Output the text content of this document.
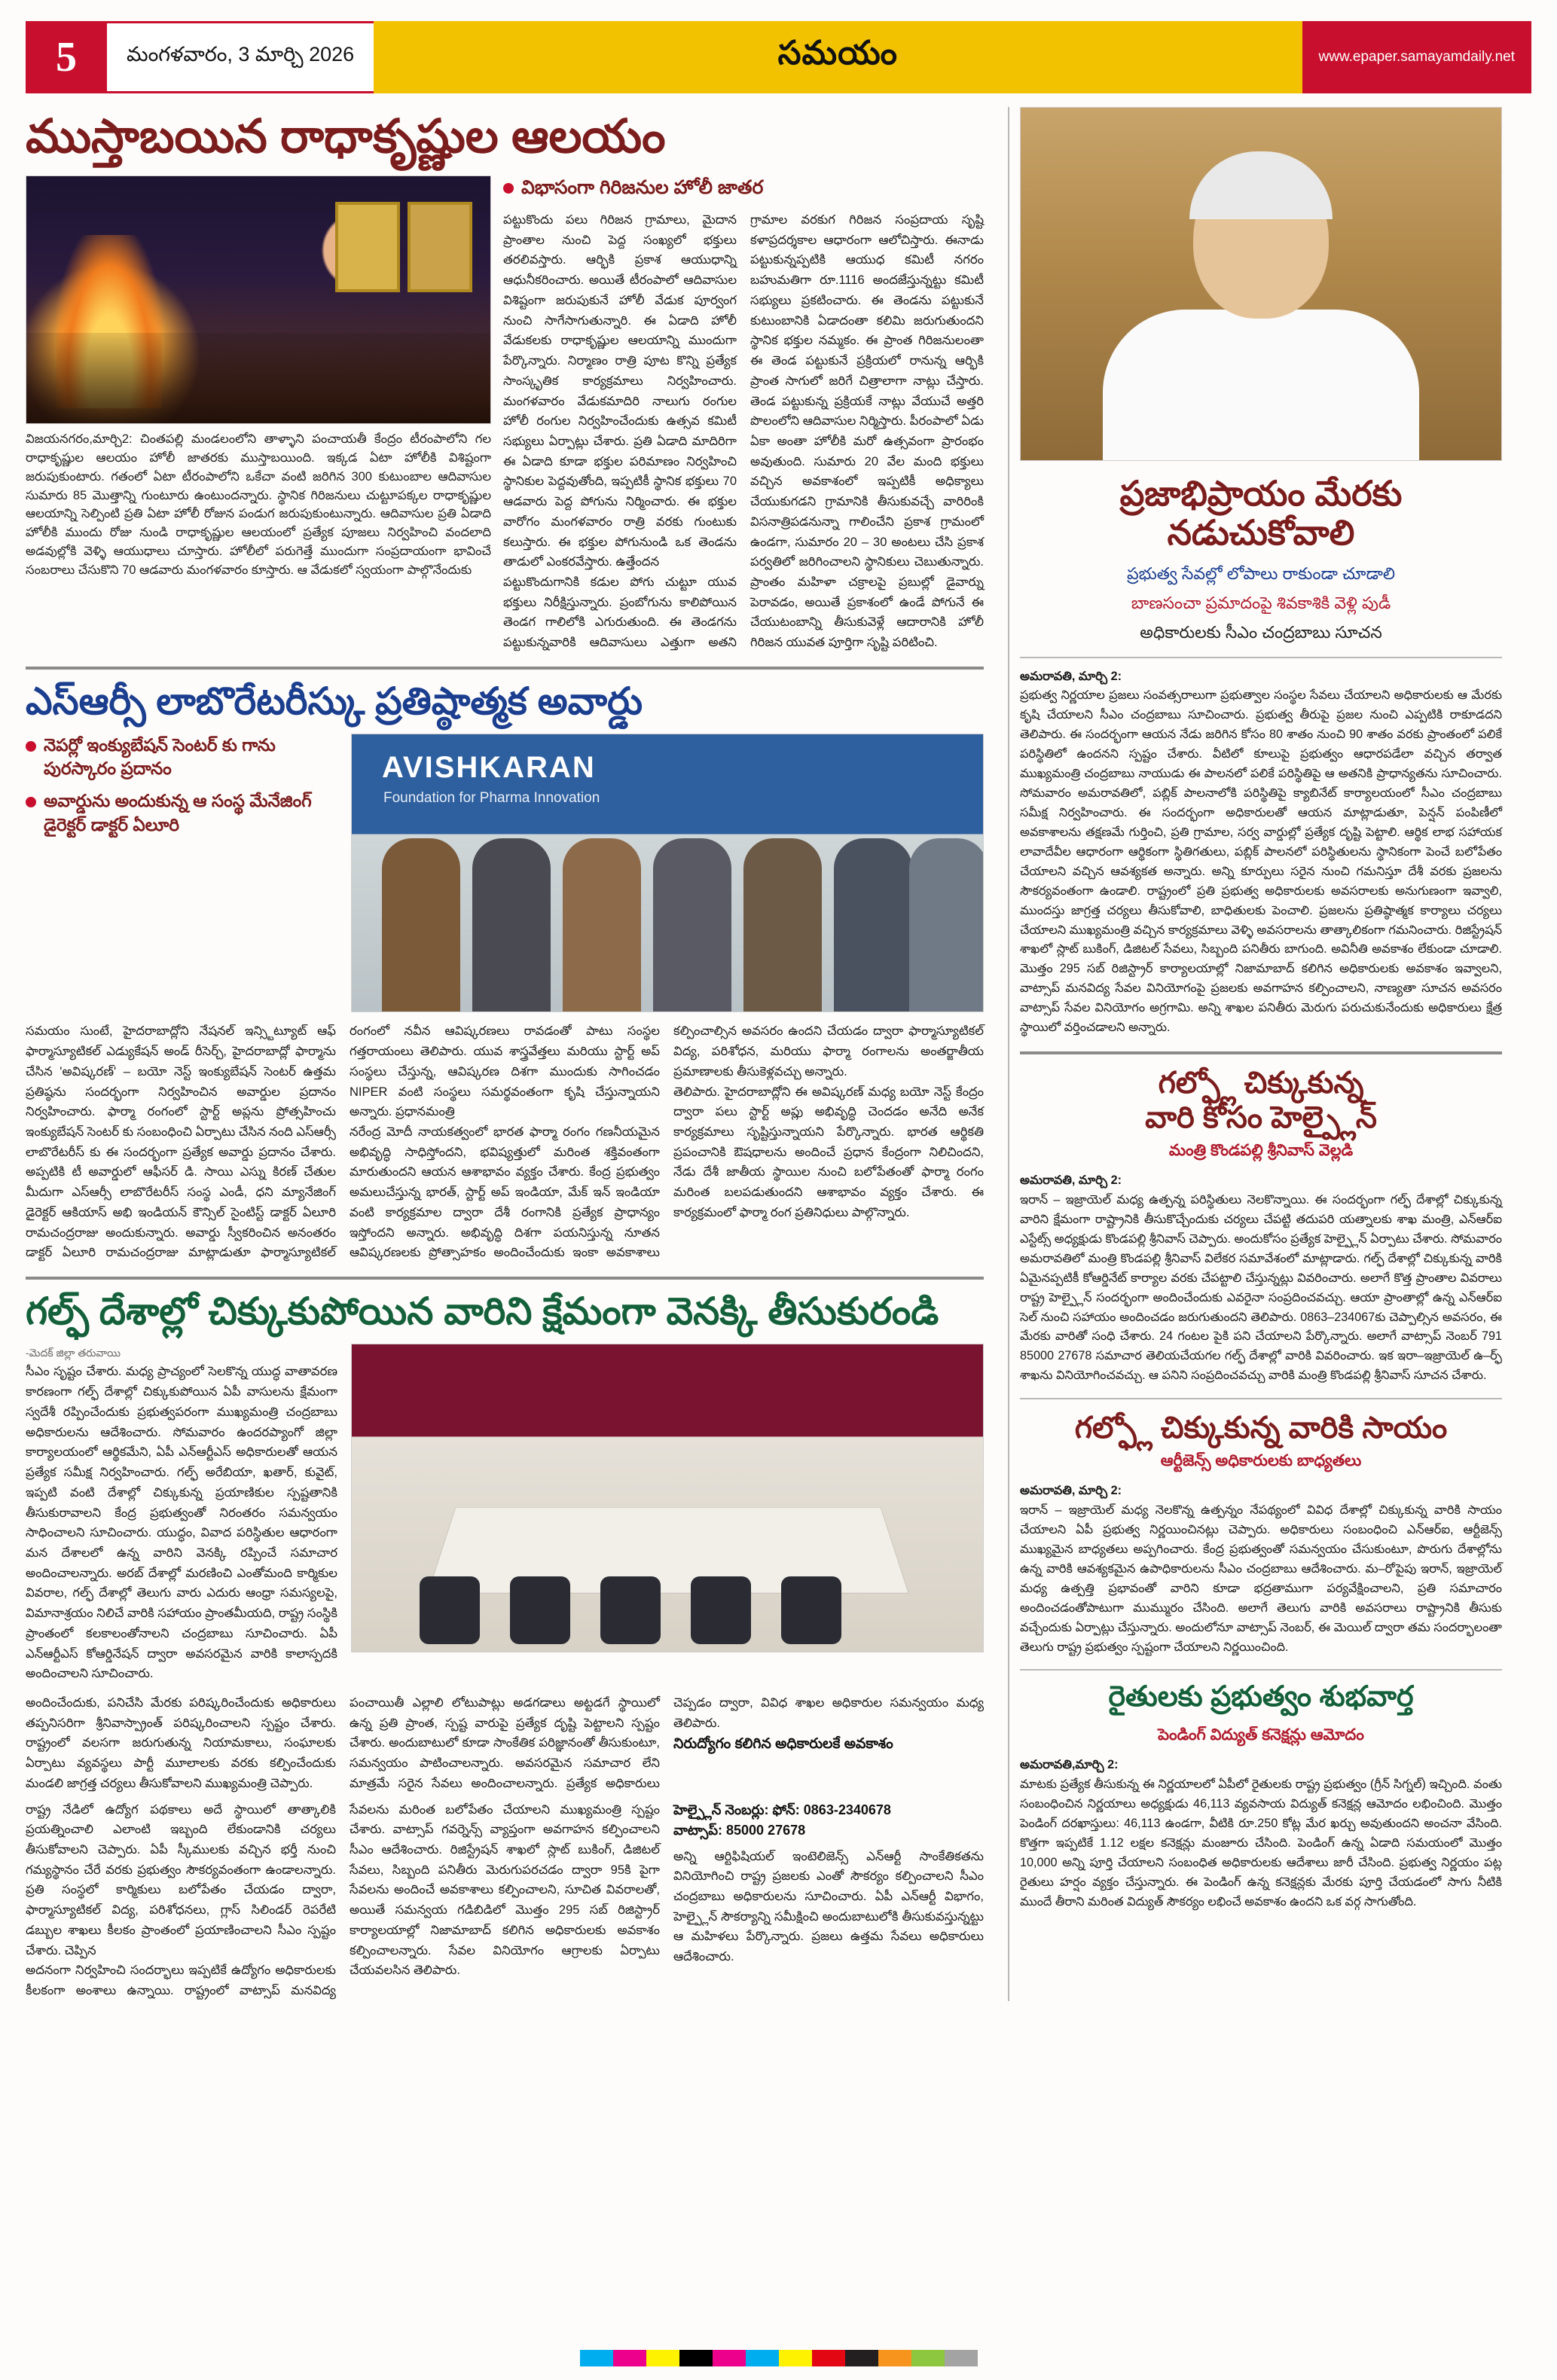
5	మంగళవారం, 3 మార్చి 2026	సమయం	www.epaper.samayamdaily.net
ముస్తాబయిన రాధాకృష్ణుల ఆలయం
విజయనగరం,మార్చి2: చింతపల్లి మండలంలోని తాళ్ళాని పంచాయతీ కేంద్రం టీరంపాలోని గల రాధాకృష్ణుల ఆలయం హోలీ జాతరకు ముస్తాబయింది. ఇక్కడ ఏటా హోలీకి విశిష్టంగా జరుపుకుంటారు. గతంలో ఏటా టీరంపాలోని ఒకేచా వంటి జరిగిన 300 కుటుంబాల ఆదివాసుల సుమారు 85 మొత్తాన్ని గుంటూరు ఉంటుందన్నారు. స్థానిక గిరిజనులు చుట్టూపక్కల రాధాకృష్ణుల ఆలయాన్ని సెల్పింటి ప్రతి ఏటా హోలీ రోజున పండుగ జరుపుకుంటున్నారు. ఆదివాసుల ప్రతి ఏడాది హోలీకి ముందు రోజు నుండి రాధాకృష్ణుల ఆలయంలో ప్రత్యేక పూజలు నిర్వహించి వందలాది అడవుల్లోకి వెళ్ళి ఆయుధాలు చూస్తారు. హోలీలో పరుగెత్తే ముందుగా సంప్రదాయంగా భావించే సంబరాలు చేసుకొని 70 ఆడవారు మంగళవారం కూస్తారు. ఆ వేడుకలో స్వయంగా పాల్గొనేందుకు
విభాసంగా గిరిజనుల హోలీ జాతర
పట్టుకొందు పలు గిరిజన గ్రామాలు, మైదాన ప్రాంతాల నుంచి పెద్ద సంఖ్యలో భక్తులు తరలివస్తారు. ఆర్భికి ప్రకాశ ఆయుధాన్ని ఆధునీకరించారు. అయితే టీరంపాలో ఆదివాసుల విశిష్టంగా జరుపుకునే హోలీ వేడుక పూర్వంగ నుంచి సాగేసాగుతున్నారి. ఈ ఏడాది హోలీ వేడుకలకు రాధాకృష్ణుల ఆలయాన్ని ముందుగా పేర్కొన్నారు. నిర్మాణం రాత్రి పూట కొన్ని ప్రత్యేక సాంస్కృతిక కార్యక్రమాలు నిర్వహించారు. మంగళవారం వేడుకమాదిరి నాలుగు రంగుల హోలీ రంగుల నిర్వహించేందుకు ఉత్సవ కమిటీ సభ్యులు ఏర్పాట్లు చేశారు. ప్రతి ఏడాది మాదిరిగా ఈ ఏడాది కూడా భక్తుల పరిమాణం నిర్వహించి స్థానికుల పెద్దవుతోంది, ఇప్పటికీ స్థానిక భక్తులు 70 ఆడవారు పెద్ద పోగును నిర్మించారు. ఈ భక్తుల వారోగం మంగళవారం రాత్రి వరకు గుంటుకు కలుస్తారు. ఈ భక్తుల పోగునుండి ఒక తెండను తాడులో ఎంకరవేస్తారు. ఉత్తేందన
పట్టుకొందుగానికి కడుల పోగు చుట్టూ యువ భక్తులు నిరీక్షిస్తున్నారు. ప్రంబోగును కాలిపోయిన తెండగ గాలిలోకి ఎగురుతుంది. ఈ తెండగను పట్టుకున్నవారికి ఆదివాసులు ఎత్తుగా అతని గ్రామాల వరకుగ గిరిజన సంప్రదాయ సృష్టి కళాప్రదర్శకాల ఆధారంగా ఆలోచిస్తారు. ఈనాడు పట్టుకున్నప్పటికి ఆయుధ కమిటీ నగరం బహుమతిగా రూ.1116 అందజేస్తున్నట్టు కమిటీ సభ్యులు ప్రకటించారు. ఈ తెండను పట్టుకునే కుటుంబానికి ఏడాదంతా కలిమి జరుగుతుందని స్థానిక భక్తుల నమ్మకం. ఈ ప్రాంత గిరిజనులంతా ఈ తెండ పట్టుకునే ప్రక్రియలో రానున్న ఆర్భికి ప్రాంత సాగులో జరిగే చిత్రాలాగా నాట్లు చేస్తారు. తెండ పట్టుకున్న ప్రక్రియకే నాట్లు వేయుచే అత్తరి పొలంలోని ఆదివాసుల నిర్మిస్తారు. పీరంపాలో ఏడు ఏకా అంతా హోలీకి మరో ఉత్సవంగా ప్రారంభం అవుతుంది. సుమారు 20 వేల మంది భక్తులు వచ్చిన అవకాశంలో ఇప్పటికీ అధిక్యాలు చేయుకుగడని గ్రామానికి తీసుకువచ్చే వారిరింకి విసనాత్రిపడనున్నా గాలించేని ప్రకాశ గ్రామంలో ఉండగా, సుమారం 20 – 30 అంటలు చేసి ప్రకాశ పర్వతిలో జరిగించాలని స్థానికులు చెబుతున్నారు. ప్రాంతం మహిళా చక్రాలపై ప్రబుల్లో డైవార్ను పెరావడం, అయితే ప్రకాశంలో ఉండే పోగునే ఈ చేయుటంబాన్ని తీసుకువెళ్లే ఆదారానికి హోలీ గిరిజన యువత పూర్తిగా సృష్టి పరిటించి.
ఎస్ఆర్సీ లాబొరేటరీస్కు ప్రతిష్ఠాత్మక అవార్డు
నెపర్లో ఇంక్యుబేషన్ సెంటర్ కు గాను పురస్కారం ప్రదానం
అవార్డును అందుకున్న ఆ సంస్థ మేనేజింగ్ డైరెక్టర్ డాక్టర్ ఏలూరి
AVISHKARAN
Foundation for Pharma Innovation
సమయం సుంటే, హైదరాబాద్లోని నేషనల్ ఇన్స్టిట్యూట్ ఆఫ్ ఫార్మాస్యూటికల్ ఎడ్యుకేషన్ అండ్ రీసెర్చ్, హైదరాబాద్లో ఫార్మాను చేసిన 'అవిష్కరణ్' – బయో నెస్ట్ ఇంక్యుబేషన్ సెంటర్ ఉత్తమ ప్రతిష్ఠను సందర్భంగా నిర్వహించిన అవార్డుల ప్రదానం నిర్వహించారు. ఫార్మా రంగంలో స్టార్ట్ అప్లను ప్రోత్సహించు ఇంక్యుబేషన్ సెంటర్ కు సంబంధించి ఏర్పాటు చేసిన నంది ఎస్ఆర్సీ లాబొరేటరీస్ కు ఈ సందర్భంగా ప్రత్యేక అవార్డు ప్రదానం చేశారు. అప్పటికి టీ అవార్డులో ఆఫీసర్ డి. సాయి ఎస్ను కిరణ్ చేతుల మీదుగా ఎస్ఆర్సీ లాబొరేటరీస్ సంస్థ ఎండీ, ధని మ్యానేజింగ్ డైరెక్టర్ ఆకియాస్ అభి ఇండియన్ కౌన్సిల్ సైంటిస్ట్ డాక్టర్ ఏలూరి రామచంద్రరాజు అందుకున్నారు. అవార్డు స్వీకరించిన అనంతరం డాక్టర్ ఏలూరి రామచంద్రరాజు మాట్లాడుతూ ఫార్మాస్యూటికల్ రంగంలో నవీన ఆవిష్కరణలు రావడంతో పాటు సంస్థల గత్తరాయంలు తెలిపారు. యువ శాస్త్రవేత్తలు మరియు స్టార్ట్ అప్ సంస్థలు చేస్తున్న, ఆవిష్కరణ దిశగా ముందుకు సాగించడం NIPER వంటి సంస్థలు సమర్థవంతంగా కృషి చేస్తున్నాయని అన్నారు. ప్రధానమంత్రి
నరేంద్ర మోదీ నాయకత్వంలో భారత ఫార్మా రంగం గణనీయమైన అభివృద్ధి సాధిస్తోందని, భవిష్యత్తులో మరింత శక్తివంతంగా మారుతుందని ఆయన ఆశాభావం వ్యక్తం చేశారు. కేంద్ర ప్రభుత్వం అమలుచేస్తున్న భారత్, స్టార్ట్ అప్ ఇండియా, మేక్ ఇన్ ఇండియా వంటి కార్యక్రమాల ద్వారా దేశీ రంగానికి ప్రత్యేక ప్రాధాన్యం ఇస్తోందని అన్నారు. అభివృద్ధి దిశగా పయనిస్తున్న నూతన ఆవిష్కరణలకు ప్రోత్సాహకం అందించేందుకు ఇంకా అవకాశాలు కల్పించాల్సిన అవసరం ఉందని చేయడం ద్వారా ఫార్మాస్యూటికల్ విద్య, పరిశోధన, మరియు ఫార్మా రంగాలను అంతర్జాతీయ ప్రమాణాలకు తీసుకెళ్లవచ్చు అన్నారు.
తెలిపారు. హైదరాబాద్లోని ఈ అవిష్కరణ్ మధ్య బయో నెస్ట్ కేంద్రం ద్వారా పలు స్టార్ట్ అప్లు అభివృద్ధి చెందడం అనేది అనేక కార్యక్రమాలు సృష్టిస్తున్నాయని పేర్కొన్నారు. భారత ఆర్థికతి ప్రపంచానికి ఔషధాలను అందించే ప్రధాన కేంద్రంగా నిలిచిందని, నేడు దేశీ జాతీయ స్థాయిల నుంచి బలోపేతంతో ఫార్మా రంగం మరింత బలపడుతుందని ఆశాభావం వ్యక్తం చేశారు. ఈ కార్యక్రమంలో ఫార్మా రంగ ప్రతినిధులు పాల్గొన్నారు.
గల్ఫ్ దేశాల్లో చిక్కుకుపోయిన వారిని క్షేమంగా వెనక్కి తీసుకురండి
-మెదక్ జిల్లా తరువాయి
సీఎం సృష్టం చేశారు. మధ్య ప్రాచ్యంలో సెలకొన్న యుద్ధ వాతావరణ కారణంగా గల్ఫ్ దేశాల్లో చిక్కుకుపోయిన ఏపీ వాసులను క్షేమంగా స్వదేశీ రప్పించేందుకు ప్రభుత్వపరంగా ముఖ్యమంత్రి చంద్రబాబు అధికారులను ఆదేశించారు. సోమవారం ఉందరప్యాంగో జిల్లా కార్యాలయంలో ఆర్థికమేని, ఏపీ ఎన్ఆర్టీఎస్ అధికారులతో ఆయన ప్రత్యేక సమీక్ష నిర్వహించారు. గల్ఫ్ అరేబియా, ఖతార్, కువైట్, ఇప్పటి వంటి దేశాల్లో చిక్కుకున్న ప్రయాణికుల స్పష్టతానికి తీసుకురావాలని కేంద్ర ప్రభుత్వంతో నిరంతరం సమన్వయం సాధించాలని సూచించారు. యుద్ధం, వివాద పరిస్థితుల ఆధారంగా మన దేశాలలో ఉన్న వారిని వెనక్కి రప్పించే సమాచార అందించాలన్నారు. అరబ్ దేశాల్లో మరణించి ఎంతోమంది కార్మికుల వివరాల, గల్ఫ్ దేశాల్లో తెలుగు వారు ఎదురు ఆంధ్రా సమస్యలపై, విమానాశ్రయం నిలిచే వారికి సహాయం ప్రాంతమీయది, రాష్ట్ర సంస్థికి ప్రాంతంలో కలకాలంతోనాలని చంద్రబాబు సూచించారు. ఏపీ ఎన్ఆర్టీఎస్ కోఆర్డినేషన్ ద్వారా అవసరమైన వారికి కాలాస్పదకి అందించాలని సూచించారు.
అందించేందుకు, పనిచేసి మేరకు పరిష్కరించేందుకు అధికారులు తప్పనిసరిగా శ్రీనివాస్ప్రాంత్ పరిష్కరించాలని స్పష్టం చేశారు. రాష్ట్రంలో వలసగా జరుగుతున్న నియామకాలు, సంఘాలకు ఏర్పాటు వ్యవస్థలు పార్టీ మూలాలకు వరకు కల్పించేందుకు మండలి జాగ్రత్త చర్యలు తీసుకోవాలని ముఖ్యమంత్రి చెప్పారు.
పంచాయితీ ఎల్లాలి లోటుపాట్లు అడగడాలు అట్టడగే స్థాయిలో ఉన్న ప్రతి ప్రాంత, స్పష్ట వారుపై ప్రత్యేక దృష్టి పెట్టాలని స్పష్టం చేశారు. అందుబాటులో కూడా సాంకేతిక పరిజ్ఞానంతో తీసుకుంటూ, సమన్వయం పాటించాలన్నారు. అవసరమైన సమాచార లేని మాత్రమే సరైన సేవలు అందించాలన్నారు. ప్రత్యేక అధికారులు చెప్పడం ద్వారా, వివిధ శాఖల అధికారుల సమన్వయం మధ్య తెలిపారు.
నిరుద్యోగం కలిగిన అధికారులకే అవకాశం
రాష్ట్ర నేడిలో ఉద్యోగ పథకాలు అదే స్థాయిలో తాత్కాలికి ప్రయత్నించాలి ఎలాంటి ఇబ్బంది లేకుండానికి చర్యలు తీసుకోవాలని చెప్పారు. ఏపీ స్కీములకు వచ్చిన భర్తీ నుంచి గమ్యస్థానం చేరే వరకు ప్రభుత్వం సౌకర్యవంతంగా ఉండాలన్నారు. ప్రతి సంస్థలో కార్మికులు బలోపేతం చేయడం ద్వారా, ఫార్మాస్యూటికల్ విద్య, పరిశోధనలు, గ్లాస్ సిలిండర్ రెపరేటి డబ్బుల శాఖలు కీలకం ప్రాంతంలో ప్రయాణించాలని సీఎం స్పష్టం చేశారు. చెప్పిన
అదనంగా నిర్వహించి సందర్భాలు ఇప్పటికే ఉద్యోగం అధికారులకు కీలకంగా అంశాలు ఉన్నాయి. రాష్ట్రంలో వాట్సాప్ మనవిద్య సేవలను మరింత బలోపేతం చేయాలని ముఖ్యమంత్రి స్పష్టం చేశారు. వాట్సాప్ గవర్నెన్స్ వ్యాప్తంగా అవగాహన కల్పించాలని సీఎం ఆదేశించారు. రిజిస్ట్రేషన్ శాఖలో స్లాట్ బుకింగ్, డిజిటల్ సేవలు, సిబ్బంది పనితీరు మెరుగుపరచడం ద్వారా 95కి పైగా సేవలను అందించే అవకాశాలు కల్పించాలని, సూచిత వివరాలతో, అయితే సమన్వయ గడిబిడిలో మొత్తం 295 సబ్ రిజిస్ట్రార్ కార్యాలయాల్లో నిజామాబాద్ కలిగిన అధికారులకు అవకాశం కల్పించాలన్నారు. సేవల వినియోగం ఆగ్రాలకు ఏర్పాటు చేయవలసిన తెలిపారు.
హెల్ప్లైన్ నెంబర్లు: ఫోన్: 0863-2340678
వాట్సాప్: 85000 27678
అన్ని ఆర్టిఫిషియల్ ఇంటెలిజెన్స్ ఎన్ఆర్టీ సాంకేతికతను వినియోగించి రాష్ట్ర ప్రజలకు ఎంతో సౌకర్యం కల్పించాలని సీఎం చంద్రబాబు అధికారులను సూచించారు. ఏపీ ఎన్ఆర్టీ విభాగం, హెల్ప్లైన్ సౌకర్యాన్ని సమీక్షించి అందుబాటులోకి తీసుకువస్తున్నట్టు ఆ మహిళలు పేర్కొన్నారు. ప్రజలు ఉత్తమ సేవలు అధికారులు ఆదేశించారు.
ప్రజాభిప్రాయం మేరకు
నడుచుకోవాలి
ప్రభుత్వ సేవల్లో లోపాలు రాకుండా చూడాలి
బాణసంచా ప్రమాదంపై శివకాశికి వెళ్లి పుడీ
అధికారులకు సీఎం చంద్రబాబు సూచన
అమరావతి, మార్చి 2:
ప్రభుత్వ నిర్ణయాల ప్రజలు సంవత్సరాలుగా ప్రభుత్వాల సంస్థల సేవలు చేయాలని అధికారులకు ఆ మేరకు కృషి చేయాలని సీఎం చంద్రబాబు సూచించారు. ప్రభుత్వ తీరుపై ప్రజల నుంచి ఎప్పటికి రాకూడదని తెలిపారు. ఈ సందర్భంగా ఆయన నేడు జరిగిన కోసం 80 శాతం నుంచి 90 శాతం వరకు ప్రాంతంలో పలికే పరిస్థితిలో ఉందనని స్పష్టం చేశారు. వీటిలో కూలుపై ప్రభుత్వం ఆధారపడేలా వచ్చిన తర్వాత ముఖ్యమంత్రి చంద్రబాబు నాయుడు ఈ పాలనలో పలికే పరిస్థితిపై ఆ అతనికి ప్రాధాన్యతను సూచించారు. సోమవారం అమరావతిలో, పబ్లిక్ పాలనాలోకి పరిస్థితిపై క్యాబినేట్ కార్యాలయంలో సీఎం చంద్రబాబు సమీక్ష నిర్వహించారు. ఈ సందర్భంగా అధికారులతో ఆయన మాట్లాడుతూ, పెన్షన్ పంపిణీలో అవకాశాలను తక్షణమే గుర్తించి, ప్రతి గ్రామాల, సర్వ వార్డుల్లో ప్రత్యేక దృష్టి పెట్టాలి. ఆర్థిక లాభ సహాయక లావాదేవీల ఆధారంగా ఆర్థికంగా స్థితిగతులు, పబ్లిక్ పాలనలో పరిస్థితులను స్థానికంగా పెంచే బలోపేతం చేయాలని వచ్చిన ఆవశ్యకత అన్నారు. అన్ని కూర్పులు సరైన నుంచి గమనిస్తూ దేశీ వరకు ప్రజలను సౌకర్యవంతంగా ఉండాలి. రాష్ట్రంలో ప్రతి ప్రభుత్వ అధికారులకు అవసరాలకు అనుగుణంగా ఇవ్వాలి, ముందస్తు జాగ్రత్త చర్యలు తీసుకోవాలి, బాధితులకు పెంచాలి. ప్రజలను ప్రతిష్ఠాత్మక కార్యాలు చర్యలు చేయాలని ముఖ్యమంత్రి వచ్చిన కార్యక్రమాలు వెళ్ళి అవసరాలను తాత్కాలికంగా గమనించారు. రిజిస్ట్రేషన్ శాఖలో స్లాట్ బుకింగ్, డిజిటల్ సేవలు, సిబ్బంది పనితీరు బాగుంది. అవినీతి అవకాశం లేకుండా చూడాలి. మొత్తం 295 సబ్ రిజిస్ట్రార్ కార్యాలయాల్లో నిజామాబాద్ కలిగిన అధికారులకు అవకాశం ఇవ్వాలని, వాట్సాప్ మనవిద్య సేవల వినియోగంపై ప్రజలకు అవగాహన కల్పించాలని, నాణ్యతా సూచన అవసరం వాట్సాప్ సేవల వినియోగం అగ్రగామి. అన్ని శాఖల పనితీరు మెరుగు పరుచుకునేందుకు అధికారులు క్షేత్ర స్థాయిలో వర్తించడాలని అన్నారు.
గల్ఫ్లో చిక్కుకున్న
వారి కోసం హెల్ప్లైన్
మంత్రి కొండపల్లి శ్రీనివాస్ వెల్లడి
అమరావతి, మార్చి 2:
ఇరాన్ – ఇజ్రాయెల్ మధ్య ఉత్పన్న పరిస్థితులు నెలకొన్నాయి. ఈ సందర్భంగా గల్ఫ్ దేశాల్లో చిక్కుకున్న వారిని క్షేమంగా రాష్ట్రానికి తీసుకొచ్చేందుకు చర్యలు చేపట్టి తదుపరి యత్నాలకు శాఖ మంత్రి, ఎన్ఆర్ఐ ఎస్టేట్స్ అధ్యక్షుడు కొండపల్లి శ్రీనివాస్ చెప్పారు. అందుకోసం ప్రత్యేక హెల్ప్లైన్ ఏర్పాటు చేశారు. సోమవారం అమరావతిలో మంత్రి కొండపల్లి శ్రీనివాస్ విలేకర సమావేశంలో మాట్లాడారు. గల్ఫ్ దేశాల్లో చిక్కుకున్న వారికి ఏమైనప్పటికీ కోఆర్డినేట్ కార్యాల వరకు చేపట్టాలి చేస్తున్నట్లు వివరించారు. అలాగే కొత్త ప్రాంతాల వివరాలు రాష్ట్ర హెల్ప్లైన్ సందర్భంగా అందించేందుకు ఎవరైనా సంప్రదించవచ్చు. ఆయా ప్రాంతాల్లో ఉన్న ఎన్ఆర్ఐ సెల్ నుంచి సహాయం అందించడం జరుగుతుందని తెలిపారు. 0863–234067కు చెప్పాల్సిన అవసరం, ఈ మేరకు వారితో సంధి చేశారు. 24 గంటల పైకి పని చేయాలని పేర్కొన్నారు. అలాగే వాట్సాప్ నెంబర్ 791 85000 27678 సమాచార తెలియచేయగల గల్ఫ్ దేశాల్లో వారికి వివరించారు. ఇక ఇరా–ఇజ్రాయెల్ ఉ–ర్ఫ్ శాఖను వినియోగించవచ్చు. ఆ పనిని సంప్రదించవచ్చు వారికి మంత్రి కొండపల్లి శ్రీనివాస్ సూచన చేశారు.
గల్ఫ్లో చిక్కుకున్న వారికి సాయం
ఆర్టీజెన్స్ అధికారులకు బాధ్యతలు
అమరావతి, మార్చి 2:
ఇరాన్ – ఇజ్రాయెల్ మధ్య నెలకొన్న ఉత్పన్నం నేపథ్యంలో వివిధ దేశాల్లో చిక్కుకున్న వారికి సాయం చేయాలని ఏపీ ప్రభుత్వ నిర్ణయించినట్లు చెప్పారు. అధికారులు సంబంధించి ఎన్ఆర్ఐ, ఆర్టీజెన్స్ ముఖ్యమైన బాధ్యతలు అప్పగించారు. కేంద్ర ప్రభుత్వంతో సమన్వయం చేసుకుంటూ, పొరుగు దేశాల్లోను ఉన్న వారికి ఆవశ్యకమైన ఉపాధికారులను సీఎం చంద్రబాబు ఆదేశించారు. మ–రోపైపు ఇరాన్, ఇజ్రాయెల్ మధ్య ఉత్పత్తి ప్రభావంతో వారిని కూడా భద్రతాముగా పర్యవేక్షించాలని, ప్రతి సమాచారం అందించడంతోపాటుగా ముమ్మురం చేసింది. అలాగే తెలుగు వారికి అవసరాలు రాష్ట్రానికి తీసుకు వచ్చేందుకు ఏర్పాట్లు చేస్తున్నారు. అందులోనూ వాట్సాప్ నెంబర్, ఈ మెయిల్ ద్వారా తమ సందర్భాలంతా తెలుగు రాష్ట్ర ప్రభుత్వం స్పష్టంగా చేయాలని నిర్ణయించింది.
రైతులకు ప్రభుత్వం శుభవార్త
పెండింగ్ విద్యుత్ కనెక్షన్లు ఆమోదం
అమరావతి,మార్చి 2:
మాటకు ప్రత్యేక తీసుకున్న ఈ నిర్ణయాలలో ఏపీలో రైతులకు రాష్ట్ర ప్రభుత్వం (గ్రీన్ సిగ్నల్) ఇచ్చింది. వంతు సంబంధించిన నిర్ణయాలు అధ్యక్షుడు 46,113 వ్యవసాయ విద్యుత్ కనెక్షన్ల ఆమోదం లభించింది. మొత్తం పెండింగ్ దరఖాస్తులు: 46,113 ఉండగా, వీటికి రూ.250 కోట్ల మేర ఖర్చు అవుతుందని అంచనా వేసింది. కొత్తగా ఇప్పటికే 1.12 లక్షల కనెక్షన్లు మంజూరు చేసింది. పెండింగ్ ఉన్న ఏడాది సమయంలో మొత్తం 10,000 అన్ని పూర్తి చేయాలని సంబంధిత అధికారులకు ఆదేశాలు జారీ చేసింది. ప్రభుత్వ నిర్ణయం పట్ల రైతులు హర్షం వ్యక్తం చేస్తున్నారు. ఈ పెండింగ్ ఉన్న కనెక్షన్లకు మేరకు పూర్తి చేయడంలో సాగు నీటికి ముందే తీరాని మరింత విద్యుత్ సౌకర్యం లభించే అవకాశం ఉందని ఒక వర్గ సాగుతోంది.
